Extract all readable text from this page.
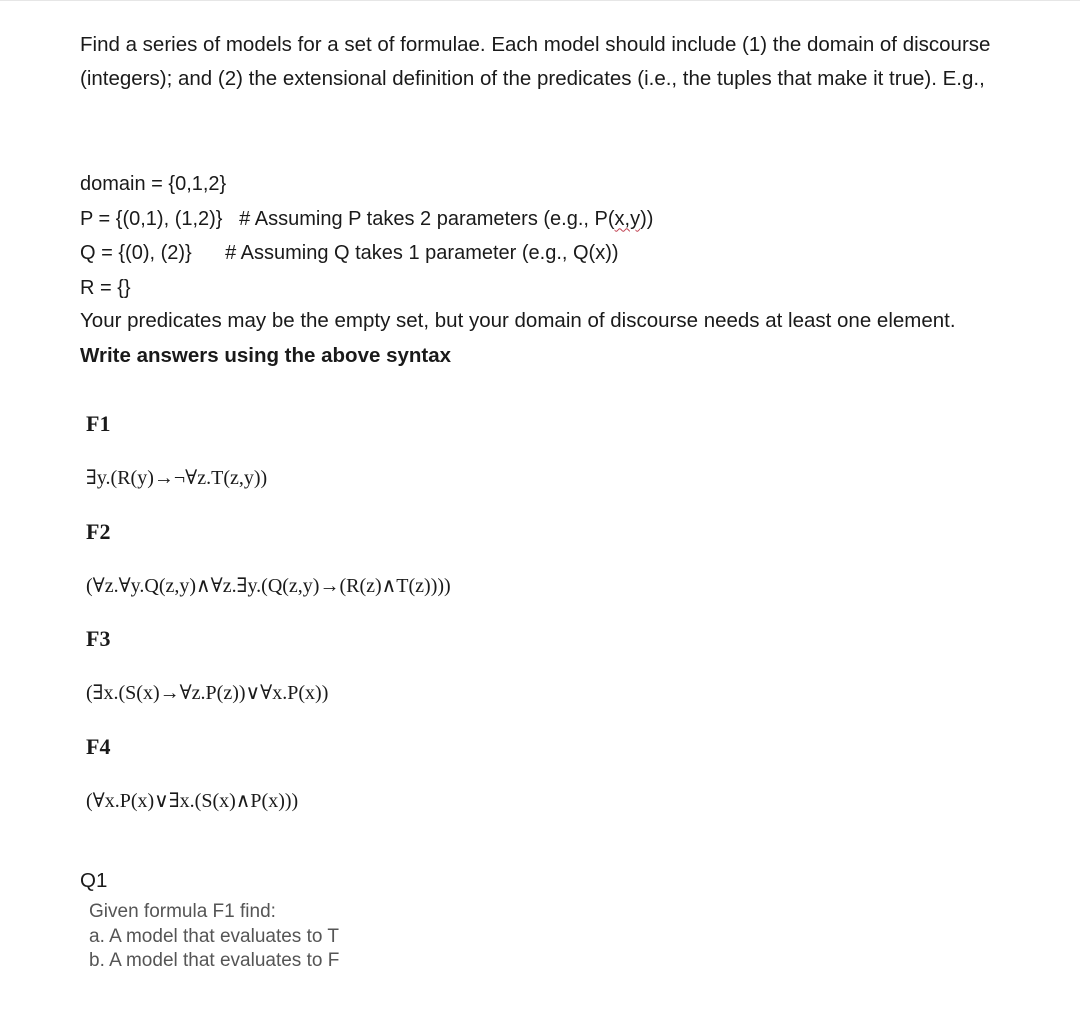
Find a series of models for a set of formulae. Each model should include (1) the domain of discourse (integers); and (2) the extensional definition of the predicates (i.e., the tuples that make it true). E.g.,

domain = {0,1,2}
P = {(0,1), (1,2)} # Assuming P takes 2 parameters (e.g., P(x,y))
Q = {(0), (2)} # Assuming Q takes 1 parameter (e.g., Q(x))
R = {}

Your predicates may be the empty set, but your domain of discourse needs at least one element. Write answers using the above syntax

F1
∃y.(R(y)→¬∀z.T(z,y))
F2
(∀z.∀y.Q(z,y)∧∀z.∃y.(Q(z,y)→(R(z)∧T(z))))
F3
(∃x.(S(x)→∀z.P(z))∨∀x.P(x))
F4
(∀x.P(x)∨∃x.(S(x)∧P(x)))
Q1
Given formula F1 find:
a. A model that evaluates to T
b. A model that evaluates to F
